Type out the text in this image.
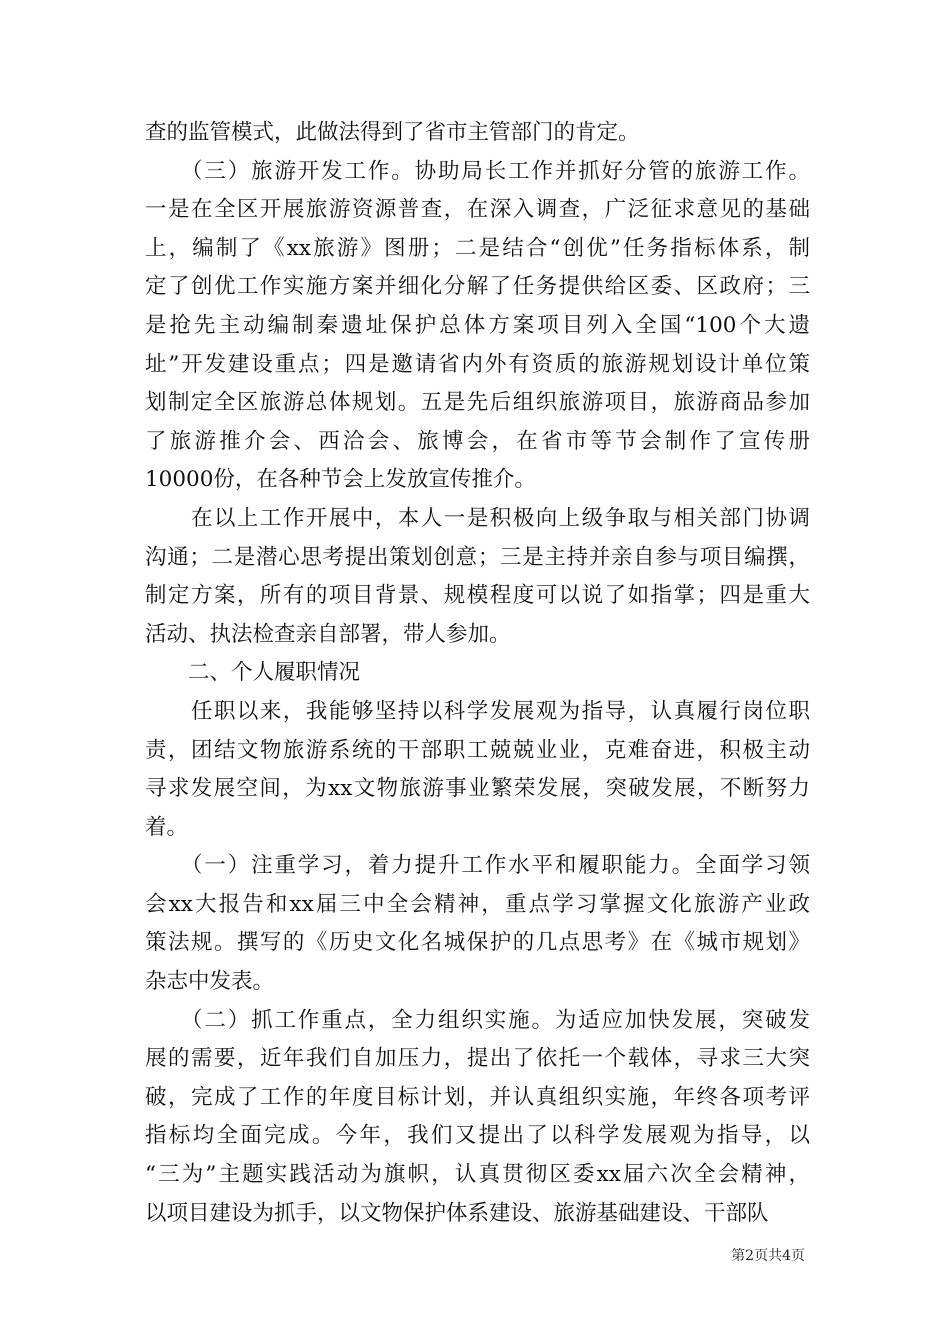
查的监管模式，此做法得到了省市主管部门的肯定。
　　（三）旅游开发工作。协助局长工作并抓好分管的旅游工作。
一是在全区开展旅游资源普查，在深入调查，广泛征求意见的基础
上，编制了《xx旅游》图册；二是结合“创优”任务指标体系，制
定了创优工作实施方案并细化分解了任务提供给区委、区政府；三
是抢先主动编制秦遗址保护总体方案项目列入全国“100个大遗
址”开发建设重点；四是邀请省内外有资质的旅游规划设计单位策
划制定全区旅游总体规划。五是先后组织旅游项目，旅游商品参加
了旅游推介会、西洽会、旅博会，在省市等节会制作了宣传册
10000份，在各种节会上发放宣传推介。
　　在以上工作开展中，本人一是积极向上级争取与相关部门协调
沟通；二是潜心思考提出策划创意；三是主持并亲自参与项目编撰，
制定方案，所有的项目背景、规模程度可以说了如指掌；四是重大
活动、执法检查亲自部署，带人参加。
　　二、个人履职情况
　　任职以来，我能够坚持以科学发展观为指导，认真履行岗位职
责，团结文物旅游系统的干部职工兢兢业业，克难奋进，积极主动
寻求发展空间，为xx文物旅游事业繁荣发展，突破发展，不断努力
着。
　　（一）注重学习，着力提升工作水平和履职能力。全面学习领
会xx大报告和xx届三中全会精神，重点学习掌握文化旅游产业政
策法规。撰写的《历史文化名城保护的几点思考》在《城市规划》
杂志中发表。
　　（二）抓工作重点，全力组织实施。为适应加快发展，突破发
展的需要，近年我们自加压力，提出了依托一个载体，寻求三大突
破，完成了工作的年度目标计划，并认真组织实施，年终各项考评
指标均全面完成。今年，我们又提出了以科学发展观为指导，以
“三为”主题实践活动为旗帜，认真贯彻区委xx届六次全会精神，
以项目建设为抓手，以文物保护体系建设、旅游基础建设、干部队
第2页共4页
